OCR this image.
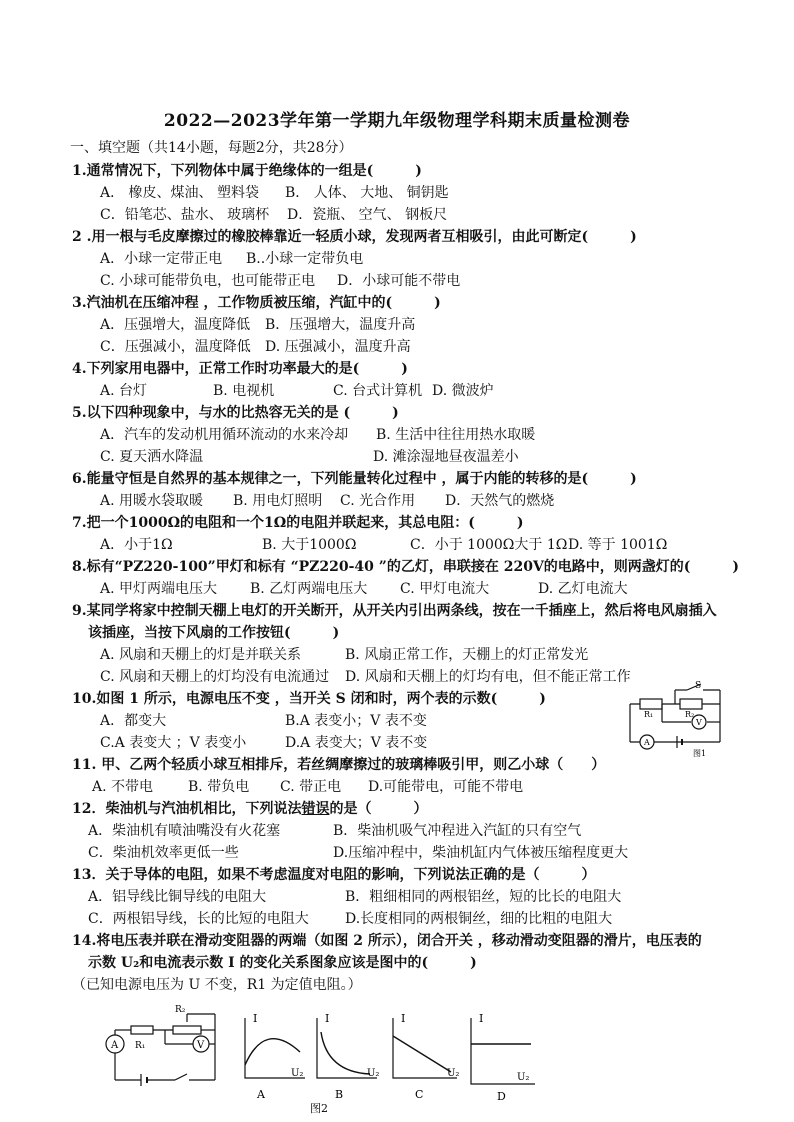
2022—2023学年第一学期九年级物理学科期末质量检测卷
一、填空题（共14小题，每题2分，共28分）
1.通常情况下，下列物体中属于绝缘体的一组是(　　　)
A． 橡皮、煤油、 塑料袋 B． 人体、 大地、 铜钥匙
C．铅笔芯、盐水、 玻璃杯 D．瓷瓶、 空气、 钢板尺
2 .用一根与毛皮摩擦过的橡胶棒靠近一轻质小球，发现两者互相吸引，由此可断定(　　　)
A．小球一定带正电 B..小球一定带负电
C. 小球可能带负电，也可能带正电 D．小球可能不带电
3.汽油机在压缩冲程 ，工作物质被压缩，汽缸中的(　　　)
A．压强增大，温度降低 B．压强增大，温度升高
C．压强减小，温度降低 D. 压强减小，温度升高
4.下列家用电器中，正常工作时功率最大的是(　　　)
A. 台灯	B. 电视机	C. 台式计算机 D. 微波炉
5.以下四种现象中，与水的比热容无关的是 (　　　)
A．汽车的发动机用循环流动的水来冷却 B. 生活中往往用热水取暖
C. 夏天洒水降温	D. 滩涂湿地昼夜温差小
6.能量守恒是自然界的基本规律之一，下列能量转化过程中 ，属于内能的转移的是(　　　)
A. 用暖水袋取暖 B. 用电灯照明 C. 光合作用 D．天然气的燃烧
7.把一个1000Ω的电阻和一个1Ω的电阻并联起来，其总电阻：(　　　)
A．小于1Ω	B. 大于1000Ω	C．小于 1000Ω大于 1Ω D. 等于 1001Ω
8.标有“PZ220-100”甲灯和标有 “PZ220-40 ”的乙灯，串联接在 220V的电路中，则两盏灯的(　　　)
A. 甲灯两端电压大 B. 乙灯两端电压大 C. 甲灯电流大	D. 乙灯电流大
9.某同学将家中控制天棚上电灯的开关断开，从开关内引出两条线，按在一千插座上，然后将电风扇插入
该插座，当按下风扇的工作按钮(　　　)
A. 风扇和天棚上的灯是并联关系	B. 风扇正常工作，天棚上的灯正常发光
C. 风扇和天棚上的灯均没有电流通过 D. 风扇和天棚上的灯均有电，但不能正常工作
10.如图 1 所示，电源电压不变 ，当开关 S 闭和时，两个表的示数(　　　)
A．都变大	B.A 表变小；V 表不变
C.A 表变大 ；V 表变小	D.A 表变大；V 表不变
S
R₁	R₂
V
A
图1
11. 甲、乙两个轻质小球互相排斥，若丝绸摩擦过的玻璃棒吸引甲，则乙小球（　　）
A. 不带电 B. 带负电 C. 带正电 D.可能带电，可能不带电
12．柴油机与汽油机相比，下列说法错误的是（　　　）
A．柴油机有喷油嘴没有火花塞	B．柴油机吸气冲程进入汽缸的只有空气
C．柴油机效率更低一些	D.压缩冲程中，柴油机缸内气体被压缩程度更大
13．关于导体的电阻，如果不考虑温度对电阻的影响，下列说法正确的是（　　　）
A．铝导线比铜导线的电阻大	B．粗细相同的两根铝丝，短的比长的电阻大
C．两根铝导线，长的比短的电阻大	D.长度相同的两根铜丝，细的比粗的电阻大
14.将电压表并联在滑动变阻器的两端（如图 2 所示），闭合开关 ，移动滑动变阻器的滑片，电压表的
示数 U₂和电流表示数 I 的变化关系图象应该是图中的(　　　)
（已知电源电压为 U 不变，R1 为定值电阻。）
A	V
R₁
R₂
I
U₂
A
I
U₂
B
I
U₂
C
I
U₂
D
图2
